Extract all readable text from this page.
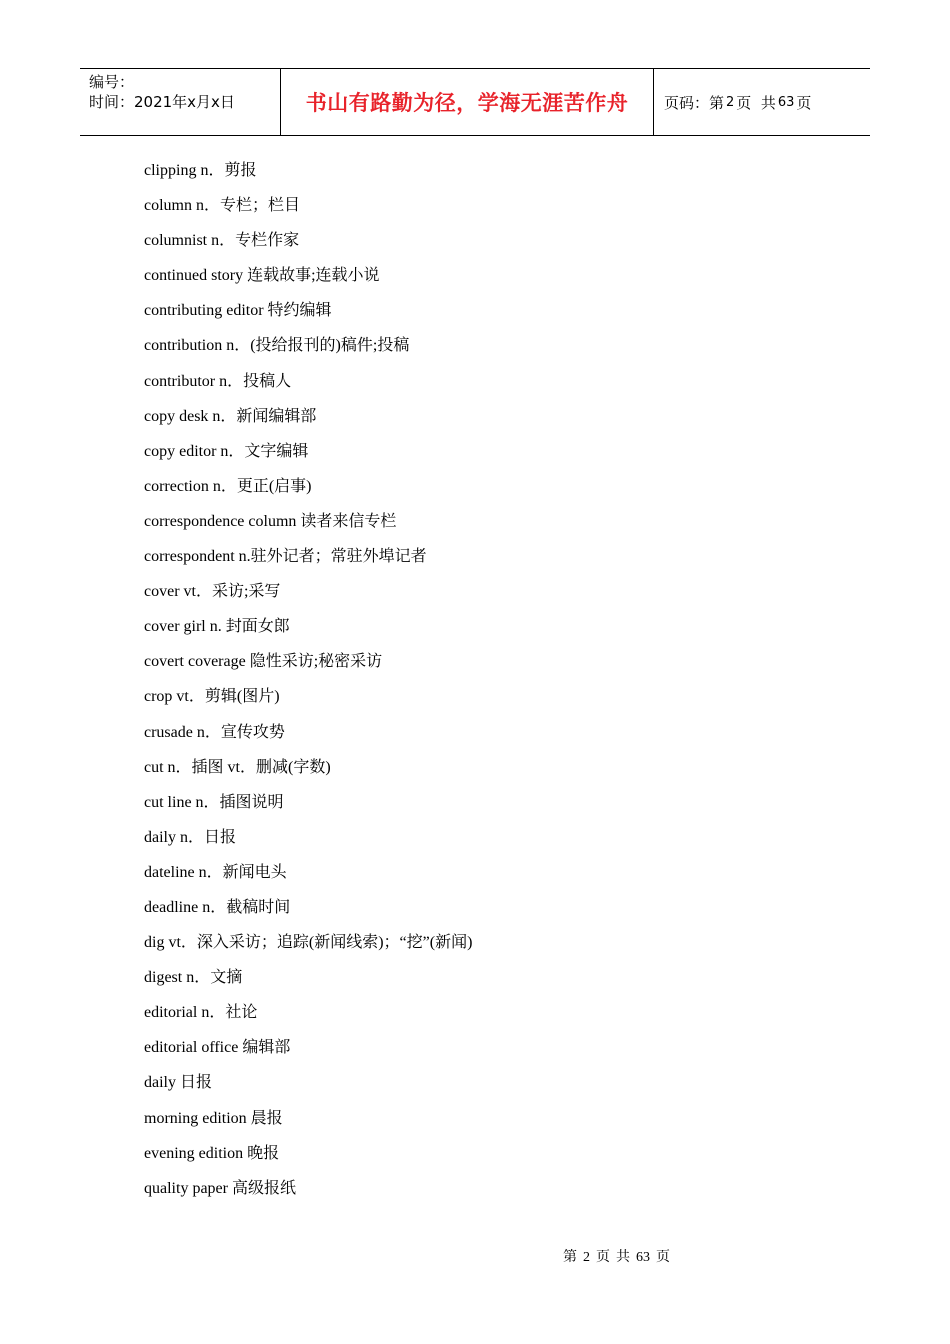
编号：
时间：2021年x月x日	书山有路勤为径，学海无涯苦作舟	页码：第 2 页  共 63 页
clipping n．剪报
column n．专栏；栏目
columnist n．专栏作家
continued story 连载故事;连载小说
contributing editor 特约编辑
contribution n．(投给报刊的)稿件;投稿
contributor n．投稿人
copy desk n．新闻编辑部
copy editor n．文字编辑
correction n．更正(启事)
correspondence column 读者来信专栏
correspondent n.驻外记者；常驻外埠记者
cover vt．采访;采写
cover girl n. 封面女郎
covert coverage 隐性采访;秘密采访
crop vt．剪辑(图片)
crusade n．宣传攻势
cut n．插图 vt．删减(字数)
cut line n．插图说明
daily n．日报
dateline n．新闻电头
deadline n．截稿时间
dig vt．深入采访；追踪(新闻线索)；“挖”(新闻)
digest n．文摘
editorial n．社论
editorial office 编辑部
daily 日报
morning edition 晨报
evening edition 晚报
quality paper 高级报纸
第 2 页 共 63 页
